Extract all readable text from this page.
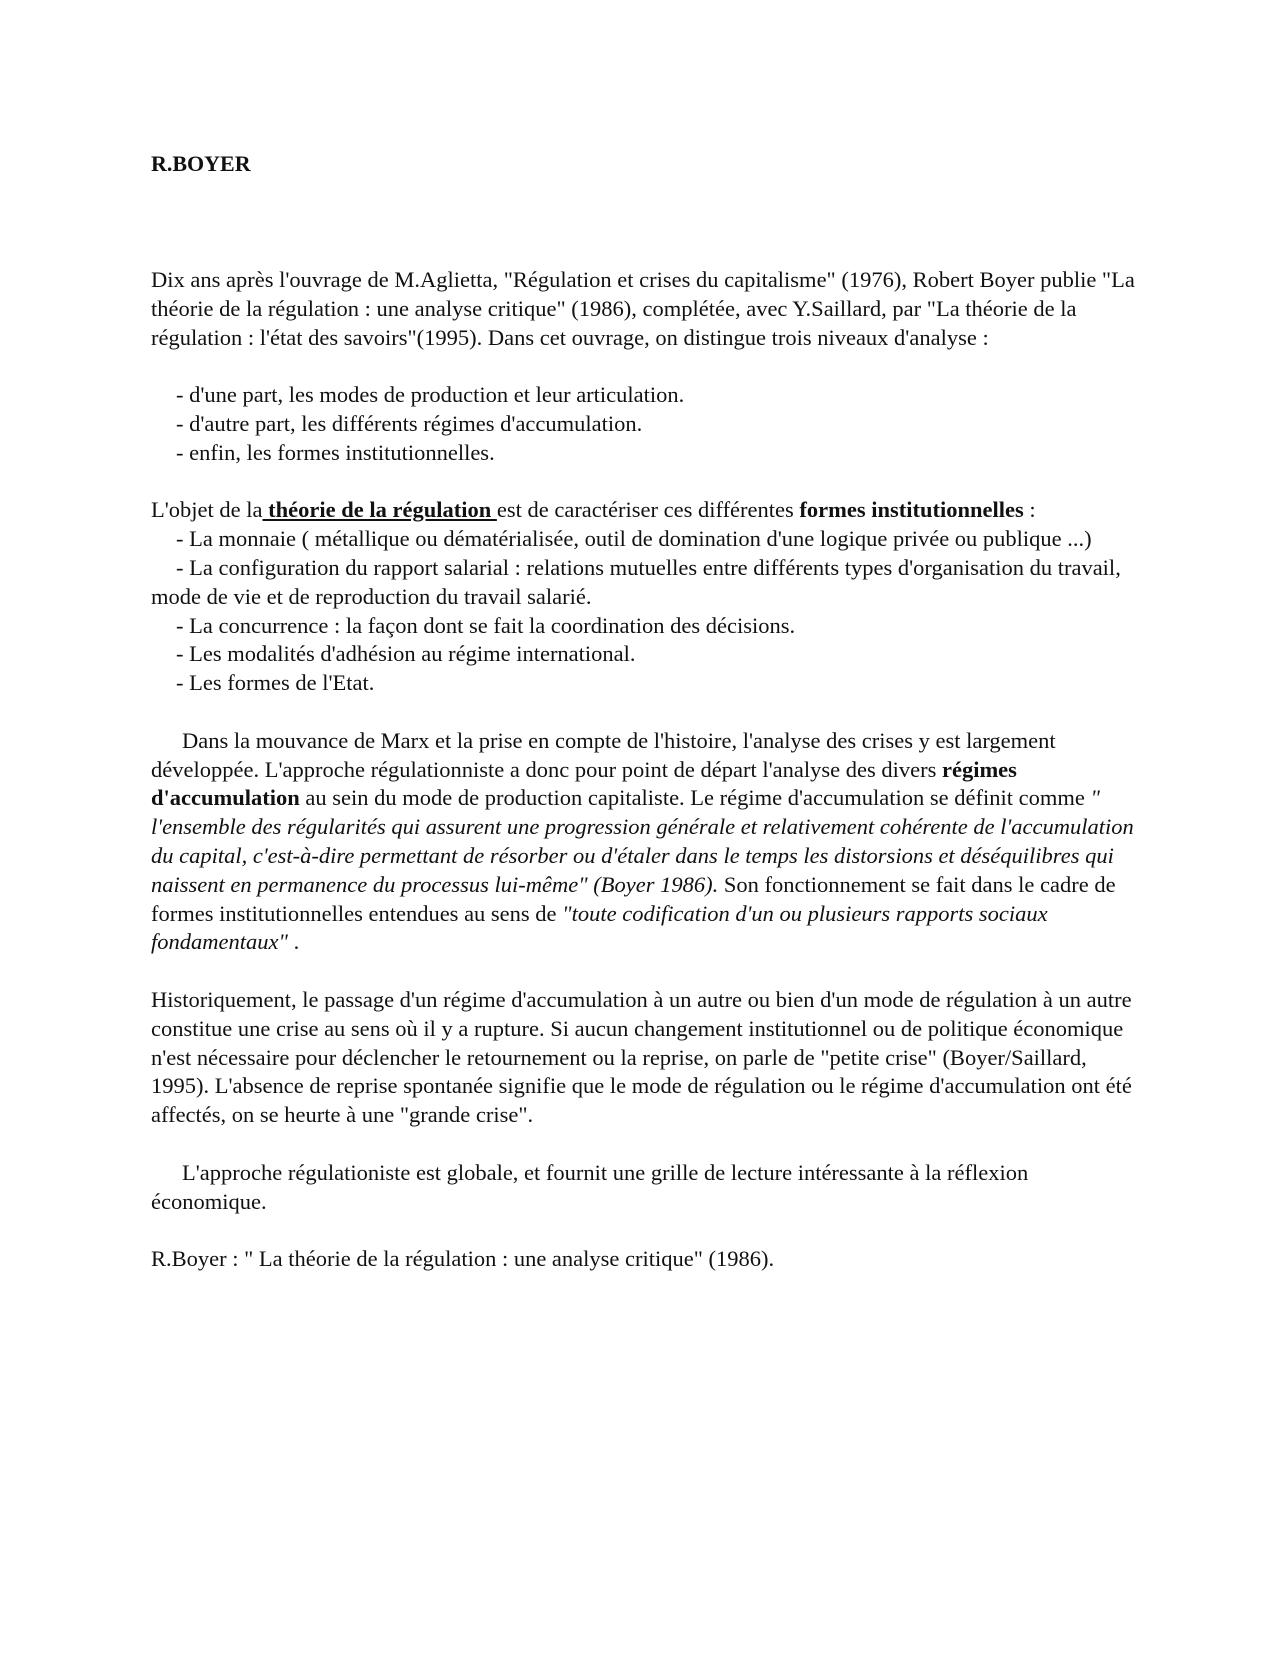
R.BOYER

Dix ans après l'ouvrage de M.Aglietta, "Régulation et crises du capitalisme" (1976), Robert Boyer publie "La théorie de la régulation : une analyse critique" (1986), complétée, avec Y.Saillard, par "La théorie de la régulation : l'état des savoirs"(1995). Dans cet ouvrage, on distingue trois niveaux d'analyse :

- d'une part, les modes de production et leur articulation.

- d'autre part, les différents régimes d'accumulation.

- enfin, les formes institutionnelles.

L'objet de la théorie de la régulation est de caractériser ces différentes formes institutionnelles :

- La monnaie ( métallique ou dématérialisée, outil de domination d'une logique privée ou publique ...)

- La configuration du rapport salarial : relations mutuelles entre différents types d'organisation du travail, mode de vie et de reproduction du travail salarié.

- La concurrence : la façon dont se fait la coordination des décisions.

- Les modalités d'adhésion au régime international.

- Les formes de l'Etat.

Dans la mouvance de Marx et la prise en compte de l'histoire, l'analyse des crises y est largement développée. L'approche régulationniste a donc pour point de départ l'analyse des divers régimes d'accumulation au sein du mode de production capitaliste. Le régime d'accumulation se définit comme " l'ensemble des régularités qui assurent une progression générale et relativement cohérente de l'accumulation du capital, c'est-à-dire permettant de résorber ou d'étaler dans le temps les distorsions et déséquilibres qui naissent en permanence du processus lui-même" (Boyer 1986). Son fonctionnement se fait dans le cadre de formes institutionnelles entendues au sens de "toute codification d'un ou plusieurs rapports sociaux fondamentaux" .

Historiquement, le passage d'un régime d'accumulation à un autre ou bien d'un mode de régulation à un autre constitue une crise au sens où il y a rupture. Si aucun changement institutionnel ou de politique économique n'est nécessaire pour déclencher le retournement ou la reprise, on parle de "petite crise" (Boyer/Saillard, 1995). L'absence de reprise spontanée signifie que le mode de régulation ou le régime d'accumulation ont été affectés, on se heurte à une "grande crise".

L'approche régulationiste est globale, et fournit une grille de lecture intéressante à la réflexion économique.

R.Boyer : " La théorie de la régulation : une analyse critique" (1986).
